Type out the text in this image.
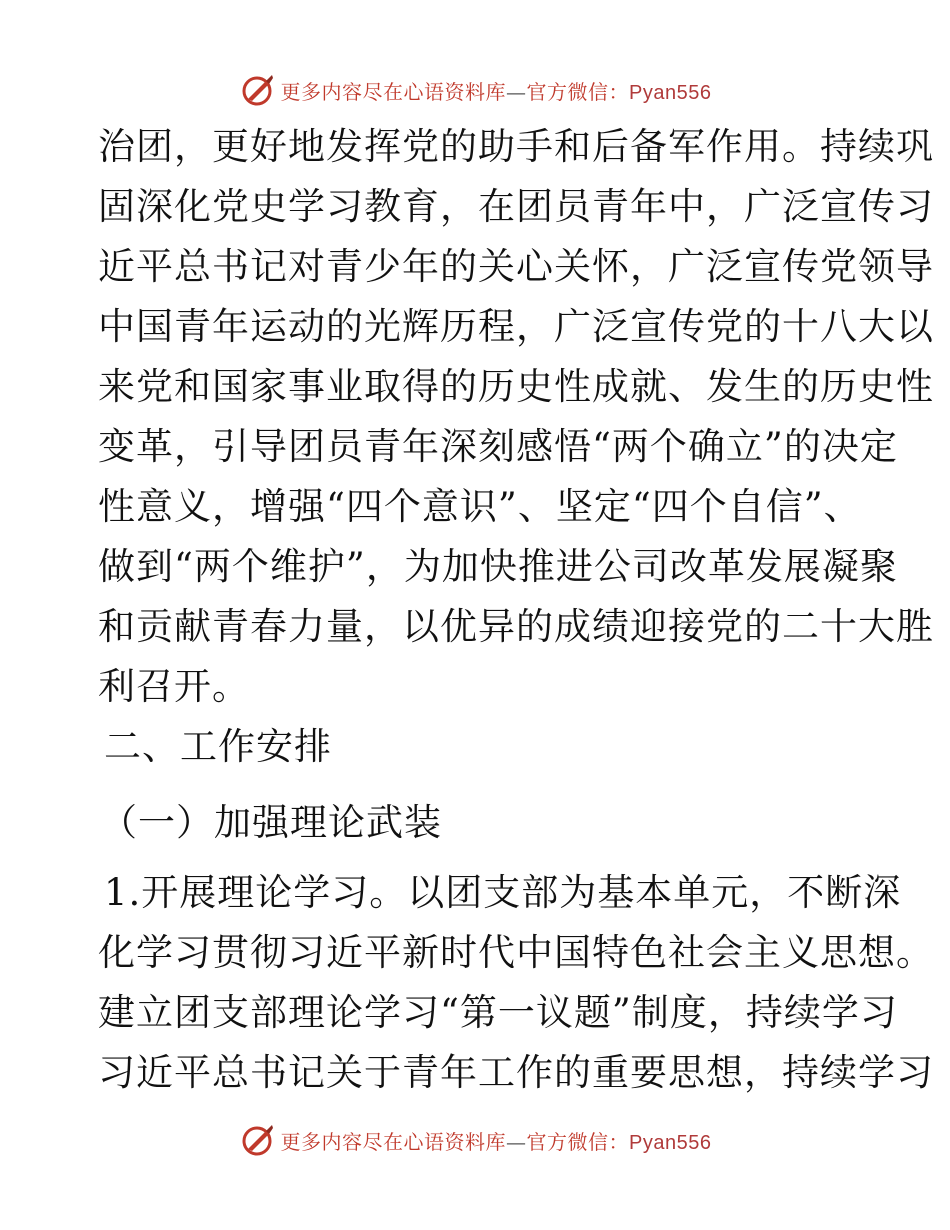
更多内容尽在心语资料库—官方微信：Pyan556
治团，更好地发挥党的助手和后备军作用。持续巩
固深化党史学习教育，在团员青年中，广泛宣传习
近平总书记对青少年的关心关怀，广泛宣传党领导
中国青年运动的光辉历程，广泛宣传党的十八大以
来党和国家事业取得的历史性成就、发生的历史性
变革，引导团员青年深刻感悟“两个确立”的决定
性意义，增强“四个意识”、坚定“四个自信”、
做到“两个维护”，为加快推进公司改革发展凝聚
和贡献青春力量，以优异的成绩迎接党的二十大胜
利召开。
二、工作安排
（一）加强理论武装
1.开展理论学习。以团支部为基本单元，不断深
化学习贯彻习近平新时代中国特色社会主义思想。
建立团支部理论学习“第一议题”制度，持续学习
习近平总书记关于青年工作的重要思想，持续学习
更多内容尽在心语资料库—官方微信：Pyan556
